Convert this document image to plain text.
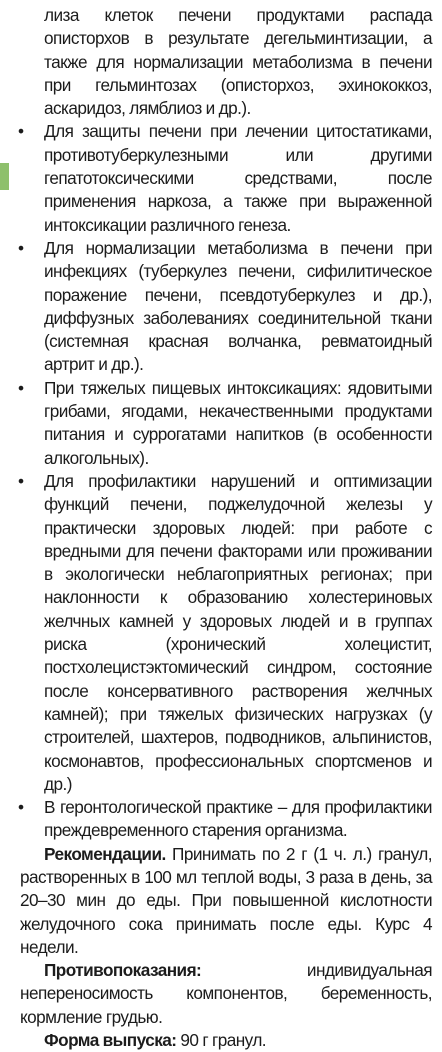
лиза клеток печени продуктами распада описторхов в результате дегельминтизации, а также для нормализации метаболизма в печени при гельминтозах (описторхоз, эхинококкоз, аскаридоз, лямблиоз и др.).
• Для защиты печени при лечении цитостатиками, противотуберкулезными или другими гепатотоксическими средствами, после применения наркоза, а также при выраженной интоксикации различного генеза.
• Для нормализации метаболизма в печени при инфекциях (туберкулез печени, сифилитическое поражение печени, псевдотуберкулез и др.), диффузных заболеваниях соединительной ткани (системная красная волчанка, ревматоидный артрит и др.).
• При тяжелых пищевых интоксикациях: ядовитыми грибами, ягодами, некачественными продуктами питания и суррогатами напитков (в особенности алкогольных).
• Для профилактики нарушений и оптимизации функций печени, поджелудочной железы у практически здоровых людей: при работе с вредными для печени факторами или проживании в экологически неблагоприятных регионах; при наклонности к образованию холестериновых желчных камней у здоровых людей и в группах риска (хронический холецистит, постхолецистэктомический синдром, состояние после консервативного растворения желчных камней); при тяжелых физических нагрузках (у строителей, шахтеров, подводников, альпинистов, космонавтов, профессиональных спортсменов и др.)
• В геронтологической практике – для профилактики преждевременного старения организма.

Рекомендации. Принимать по 2 г (1 ч. л.) гранул, растворенных в 100 мл теплой воды, 3 раза в день, за 20–30 мин до еды. При повышенной кислотности желудочного сока принимать после еды. Курс 4 недели.

Противопоказания: индивидуальная непереносимость компонентов, беременность, кормление грудью.

Форма выпуска: 90 г гранул.
